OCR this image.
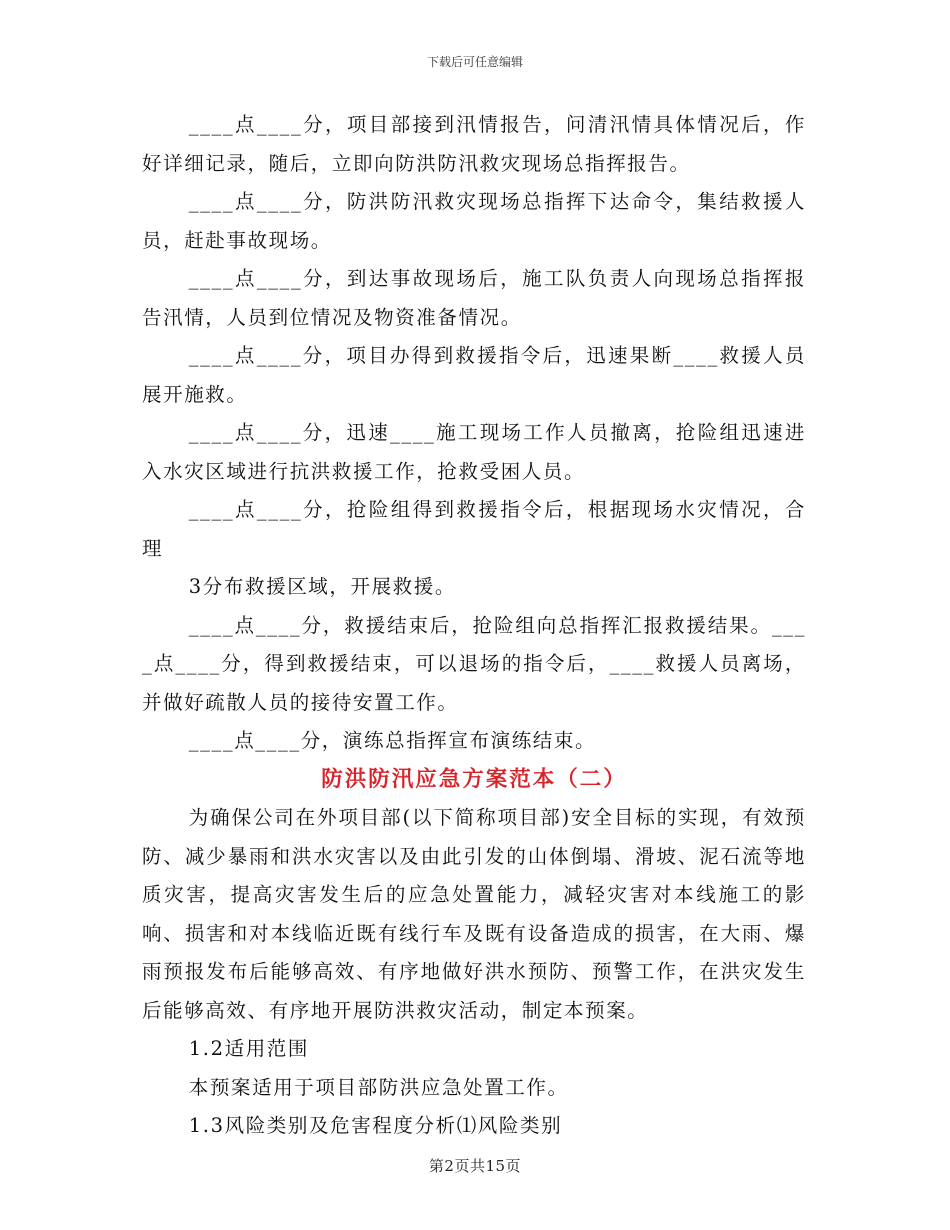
下载后可任意编辑

____点____分，项目部接到汛情报告，问清汛情具体情况后，作好详细记录，随后，立即向防洪防汛救灾现场总指挥报告。

____点____分，防洪防汛救灾现场总指挥下达命令，集结救援人员，赶赴事故现场。

____点____分，到达事故现场后，施工队负责人向现场总指挥报告汛情，人员到位情况及物资准备情况。

____点____分，项目办得到救援指令后，迅速果断____救援人员展开施救。

____点____分，迅速____施工现场工作人员撤离，抢险组迅速进入水灾区域进行抗洪救援工作，抢救受困人员。

____点____分，抢险组得到救援指令后，根据现场水灾情况，合理

3分布救援区域，开展救援。

____点____分，救援结束后，抢险组向总指挥汇报救援结果。____点____分，得到救援结束，可以退场的指令后，____救援人员离场，并做好疏散人员的接待安置工作。

____点____分，演练总指挥宣布演练结束。

防洪防汛应急方案范本（二）

为确保公司在外项目部(以下简称项目部)安全目标的实现，有效预防、减少暴雨和洪水灾害以及由此引发的山体倒塌、滑坡、泥石流等地质灾害，提高灾害发生后的应急处置能力，减轻灾害对本线施工的影响、损害和对本线临近既有线行车及既有设备造成的损害，在大雨、爆雨预报发布后能够高效、有序地做好洪水预防、预警工作，在洪灾发生后能够高效、有序地开展防洪救灾活动，制定本预案。

1.2适用范围

本预案适用于项目部防洪应急处置工作。

1.3风险类别及危害程度分析⑴风险类别

第2页共15页
